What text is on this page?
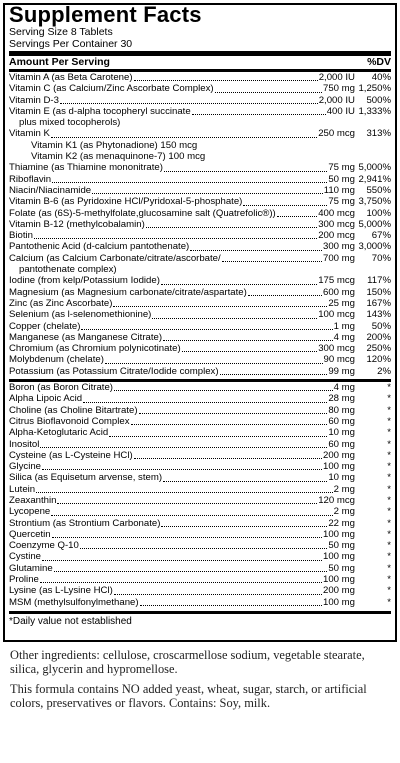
Supplement Facts
Serving Size 8 Tablets
Servings Per Container 30
Amount Per Serving	%DV
Vitamin A (as Beta Carotene)	2,000 IU	40%
Vitamin C (as Calcium/Zinc Ascorbate Complex)	750 mg 1,250%
Vitamin D-3	2,000 IU	500%
Vitamin E (as d-alpha tocopheryl succinate	400 IU 1,333%
plus mixed tocopherols)
Vitamin K	250 mcg	313%
Vitamin K1 (as Phytonadione) 150 mcg
Vitamin K2 (as menaquinone-7) 100 mcg
Thiamine (as Thiamine mononitrate)	75 mg 5,000%
Riboflavin	50 mg 2,941%
Niacin/Niacinamide	110 mg	550%
Vitamin B-6 (as Pyridoxine HCl/Pyridoxal-5-phosphate)	75 mg 3,750%
Folate (as (6S)-5-methylfolate,glucosamine salt (Quatrefolic®))	400 mcg	100%
Vitamin B-12 (methylcobalamin)	300 mcg 5,000%
Biotin	200 mcg	67%
Pantothenic Acid (d-calcium pantothenate)	300 mg 3,000%
Calcium (as Calcium Carbonate/citrate/ascorbate/	700 mg	70%
pantothenate complex)
Iodine (from kelp/Potassium Iodide)	175 mcg	117%
Magnesium (as Magnesium carbonate/citrate/aspartate)	600 mg	150%
Zinc (as Zinc Ascorbate)	25 mg	167%
Selenium (as l-selenomethionine)	100 mcg	143%
Copper (chelate)	1 mg	50%
Manganese (as Manganese Citrate)	4 mg	200%
Chromium (as Chromium polynicotinate)	300 mcg	250%
Molybdenum (chelate)	90 mcg	120%
Potassium (as Potassium Citrate/Iodide complex)	99 mg	2%
Boron (as Boron Citrate)	4 mg	*
Alpha Lipoic Acid	28 mg	*
Choline (as Choline Bitartrate)	80 mg	*
Citrus Bioflavonoid Complex	60 mg	*
Alpha-Ketoglutaric Acid	10 mg	*
Inositol	60 mg	*
Cysteine (as L-Cysteine HCl)	200 mg	*
Glycine	100 mg	*
Silica (as Equisetum arvense, stem)	10 mg	*
Lutein	2 mg	*
Zeaxanthin	120 mcg	*
Lycopene	2 mg	*
Strontium (as Strontium Carbonate)	22 mg	*
Quercetin	100 mg	*
Coenzyme Q-10	50 mg	*
Cystine	100 mg	*
Glutamine	50 mg	*
Proline	100 mg	*
Lysine (as L-Lysine HCl)	200 mg	*
MSM (methylsulfonylmethane)	100 mg	*
*Daily value not established

Other ingredients: cellulose, croscarmellose sodium, vegetable stearate, silica, glycerin and hypromellose.

This formula contains NO added yeast, wheat, sugar, starch, or artificial colors, preservatives or flavors. Contains: Soy, milk.
